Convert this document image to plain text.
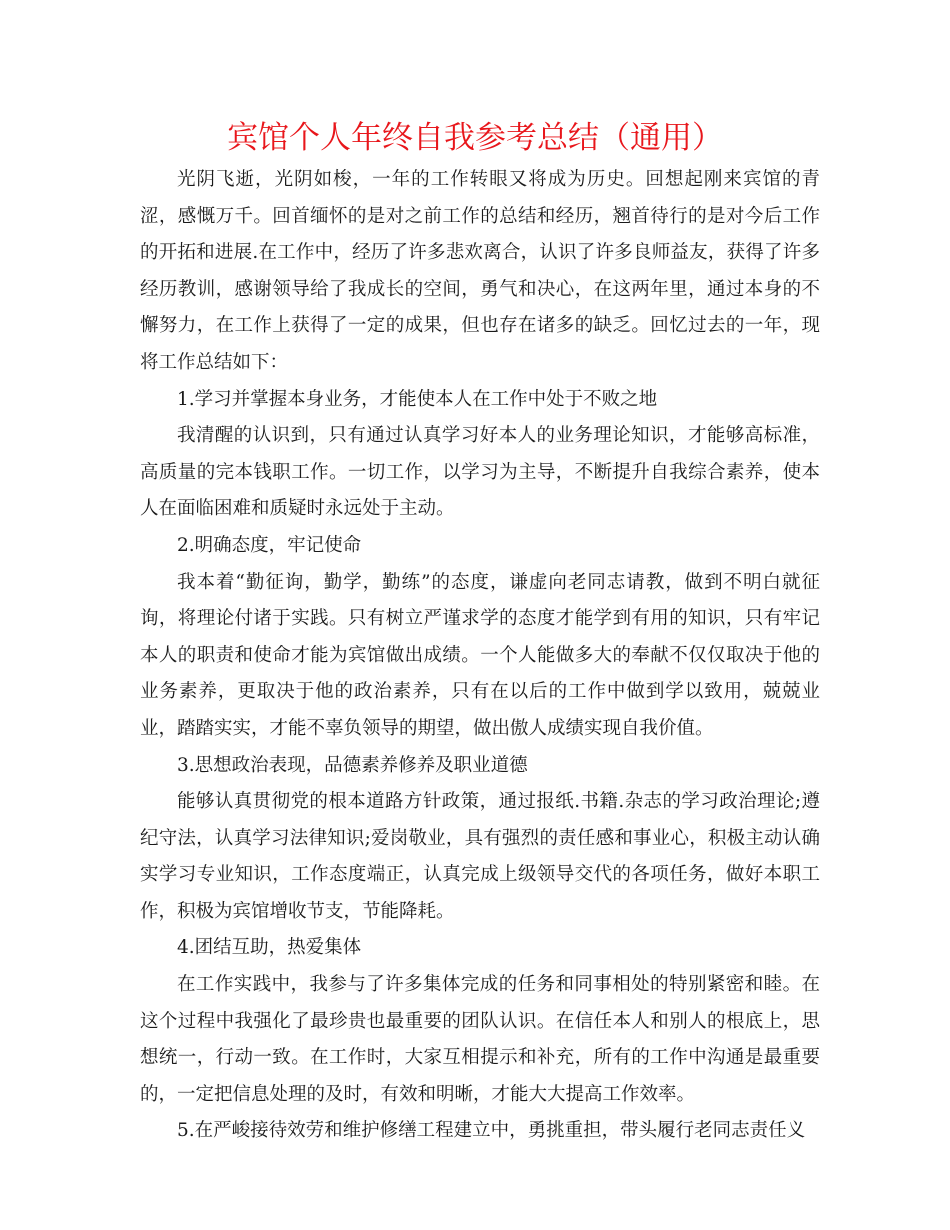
宾馆个人年终自我参考总结（通用）

光阴飞逝，光阴如梭，一年的工作转眼又将成为历史。回想起刚来宾馆的青涩，感慨万千。回首缅怀的是对之前工作的总结和经历，翘首待行的是对今后工作的开拓和进展.在工作中，经历了许多悲欢离合，认识了许多良师益友，获得了许多经历教训，感谢领导给了我成长的空间，勇气和决心，在这两年里，通过本身的不懈努力，在工作上获得了一定的成果，但也存在诸多的缺乏。回忆过去的一年，现将工作总结如下：

1.学习并掌握本身业务，才能使本人在工作中处于不败之地

我清醒的认识到，只有通过认真学习好本人的业务理论知识，才能够高标准，高质量的完本钱职工作。一切工作，以学习为主导，不断提升自我综合素养，使本人在面临困难和质疑时永远处于主动。

2.明确态度，牢记使命

我本着“勤征询，勤学，勤练”的态度，谦虚向老同志请教，做到不明白就征询，将理论付诸于实践。只有树立严谨求学的态度才能学到有用的知识，只有牢记本人的职责和使命才能为宾馆做出成绩。一个人能做多大的奉献不仅仅取决于他的业务素养，更取决于他的政治素养，只有在以后的工作中做到学以致用，兢兢业业，踏踏实实，才能不辜负领导的期望，做出傲人成绩实现自我价值。

3.思想政治表现，品德素养修养及职业道德

能够认真贯彻党的根本道路方针政策，通过报纸.书籍.杂志的学习政治理论;遵纪守法，认真学习法律知识;爱岗敬业，具有强烈的责任感和事业心，积极主动认确实学习专业知识，工作态度端正，认真完成上级领导交代的各项任务，做好本职工作，积极为宾馆增收节支，节能降耗。

4.团结互助，热爱集体

在工作实践中，我参与了许多集体完成的任务和同事相处的特别紧密和睦。在这个过程中我强化了最珍贵也最重要的团队认识。在信任本人和别人的根底上，思想统一，行动一致。在工作时，大家互相提示和补充，所有的工作中沟通是最重要的，一定把信息处理的及时，有效和明晰，才能大大提高工作效率。

5.在严峻接待效劳和维护修缮工程建立中，勇挑重担，带头履行老同志责任义
